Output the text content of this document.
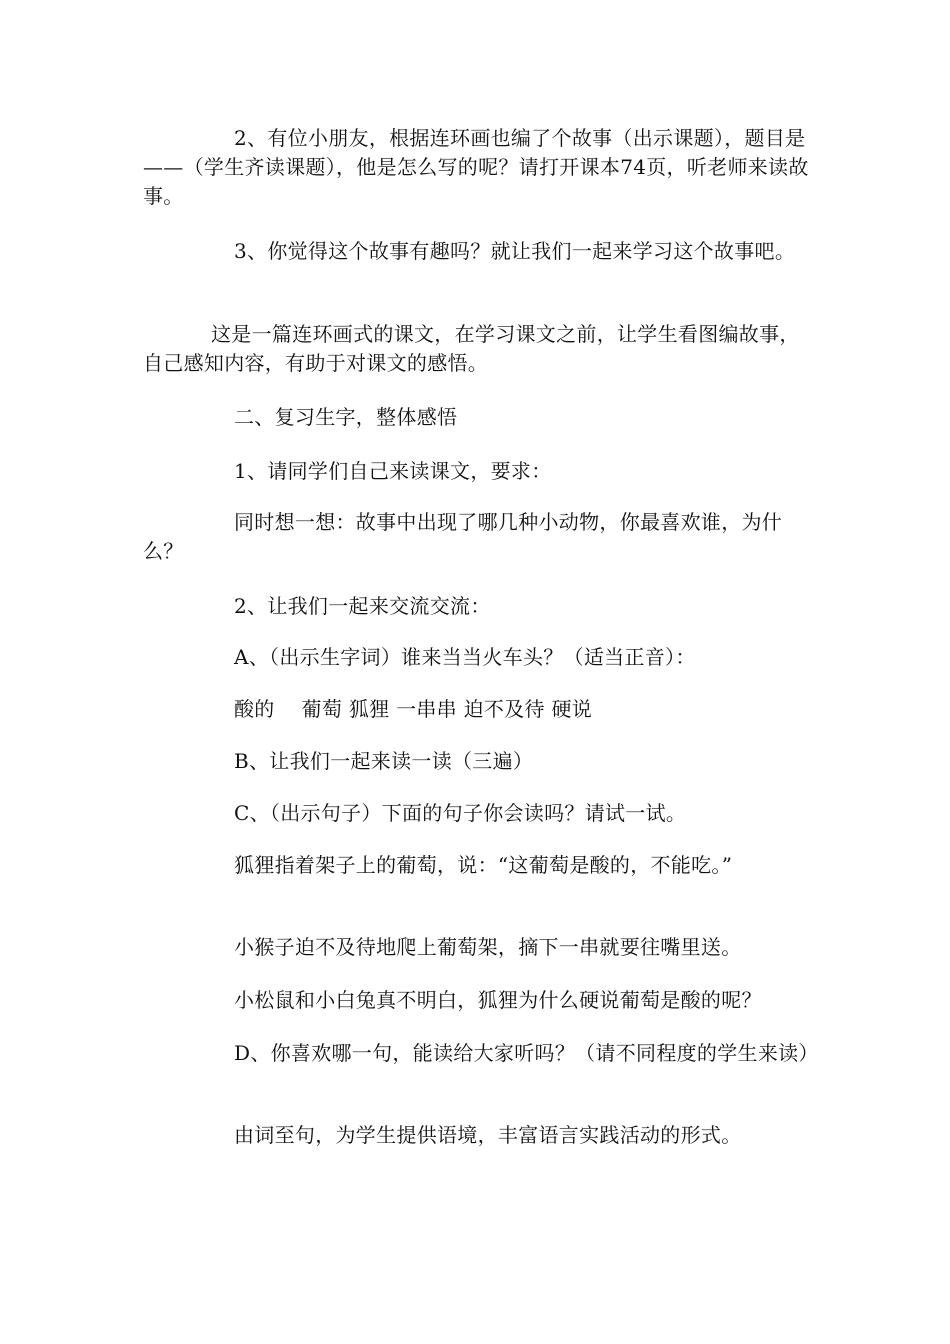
2、有位小朋友，根据连环画也编了个故事（出示课题），题目是——（学生齐读课题），他是怎么写的呢？请打开课本74页，听老师来读故事。

3、你觉得这个故事有趣吗？就让我们一起来学习这个故事吧。

这是一篇连环画式的课文，在学习课文之前，让学生看图编故事，自己感知内容，有助于对课文的感悟。

二、复习生字，整体感悟

1、请同学们自己来读课文，要求：

同时想一想：故事中出现了哪几种小动物，你最喜欢谁，为什么？

2、让我们一起来交流交流：

A、（出示生字词）谁来当当火车头？（适当正音）：

酸的　 葡萄 狐狸 一串串 迫不及待 硬说

B、让我们一起来读一读（三遍）

C、（出示句子）下面的句子你会读吗？请试一试。

狐狸指着架子上的葡萄，说：“这葡萄是酸的，不能吃。”

小猴子迫不及待地爬上葡萄架，摘下一串就要往嘴里送。

小松鼠和小白兔真不明白，狐狸为什么硬说葡萄是酸的呢？

D、你喜欢哪一句，能读给大家听吗？（请不同程度的学生来读）

由词至句，为学生提供语境，丰富语言实践活动的形式。
